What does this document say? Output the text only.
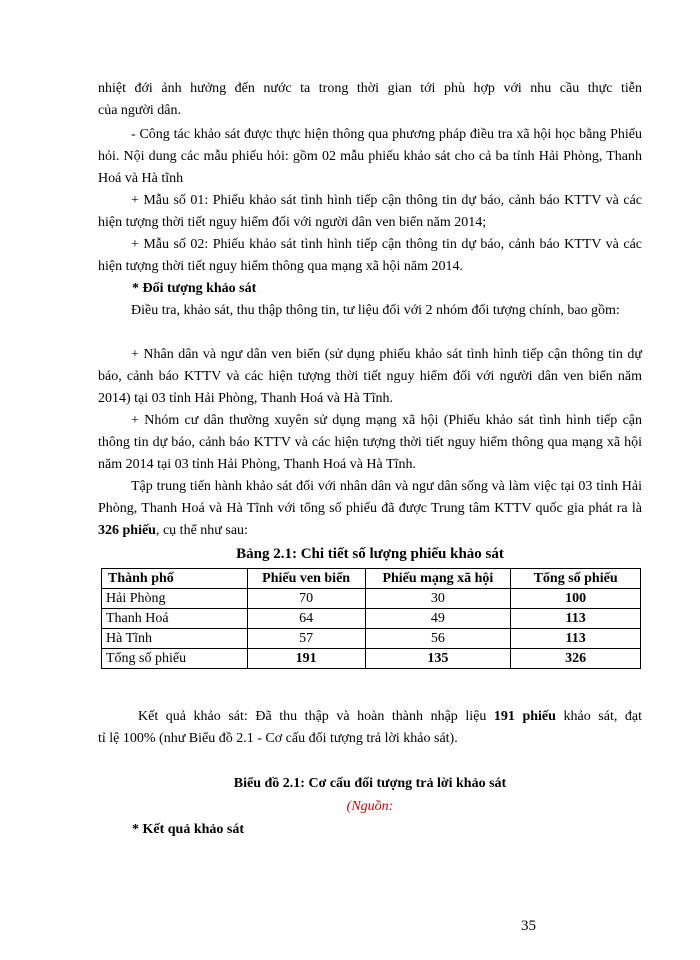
nhiệt đới ảnh hưởng đến nước ta trong thời gian tới phù hợp với nhu cầu thực tiễn
của người dân.
- Công tác khảo sát được thực hiện thông qua phương pháp điều tra xã hội học bằng Phiếu hỏi. Nội dung các mẫu phiếu hỏi: gồm 02 mẫu phiếu khảo sát cho cả ba tỉnh Hải Phòng, Thanh Hoá và Hà tĩnh
+ Mẫu số 01: Phiếu khảo sát tình hình tiếp cận thông tin dự báo, cảnh báo KTTV và các hiện tượng thời tiết nguy hiểm đối với người dân ven biển năm 2014;
+ Mẫu số 02: Phiếu khảo sát tình hình tiếp cận thông tin dự báo, cảnh báo KTTV và các hiện tượng thời tiết nguy hiểm thông qua mạng xã hội năm 2014.
* Đối tượng khảo sát
Điều tra, khảo sát, thu thập thông tin, tư liệu đối với 2 nhóm đối tượng chính, bao gồm:
+ Nhân dân và ngư dân ven biển (sử dụng phiếu khảo sát tình hình tiếp cận thông tin dự báo, cảnh báo KTTV và các hiện tượng thời tiết nguy hiểm đối với người dân ven biển năm 2014) tại 03 tỉnh Hải Phòng, Thanh Hoá và Hà Tĩnh.
+ Nhóm cư dân thường xuyên sử dụng mạng xã hội (Phiếu khảo sát tình hình tiếp cận thông tin dự báo, cảnh báo KTTV và các hiện tượng thời tiết nguy hiểm thông qua mạng xã hội năm 2014 tại 03 tỉnh Hải Phòng, Thanh Hoá và Hà Tĩnh.
Tập trung tiến hành khảo sát đối với nhân dân và ngư dân sống và làm việc tại 03 tỉnh Hải Phòng, Thanh Hoá và Hà Tĩnh với tổng số phiếu đã được Trung tâm KTTV quốc gia phát ra là 326 phiếu, cụ thể như sau:
Bảng 2.1: Chi tiết số lượng phiếu khảo sát
Thành phố	Phiếu ven biển	Phiếu mạng xã hội	Tổng số phiếu
Hải Phòng	70	30	100
Thanh Hoá	64	49	113
Hà Tĩnh	57	56	113
Tổng số phiếu	191	135	326
Kết quả khảo sát: Đã thu thập và hoàn thành nhập liệu 191 phiếu khảo sát, đạt
tỉ lệ 100% (như Biểu đồ 2.1 - Cơ cấu đối tượng trả lời khảo sát).
Biểu đồ 2.1: Cơ cấu đối tượng trả lời khảo sát
(Nguồn:
* Kết quả khảo sát
35
